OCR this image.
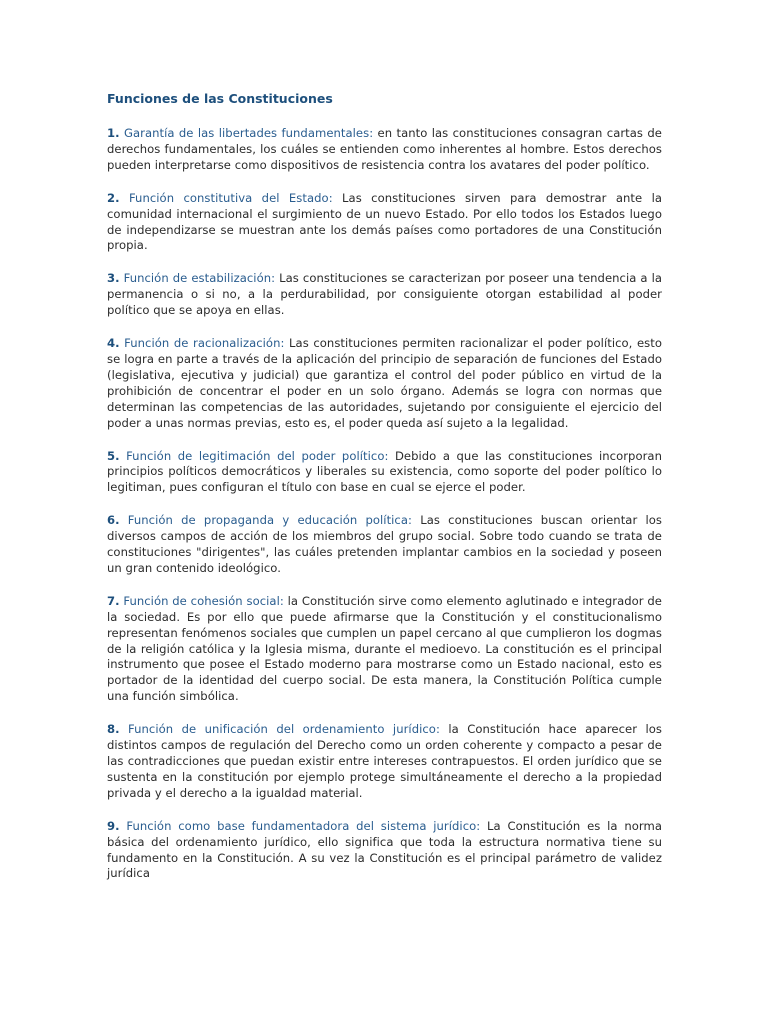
Funciones de las Constituciones

1. Garantía de las libertades fundamentales: en tanto las constituciones consagran cartas de derechos fundamentales, los cuáles se entienden como inherentes al hombre. Estos derechos pueden interpretarse como dispositivos de resistencia contra los avatares del poder político.

2. Función constitutiva del Estado: Las constituciones sirven para demostrar ante la comunidad internacional el surgimiento de un nuevo Estado. Por ello todos los Estados luego de independizarse se muestran ante los demás países como portadores de una Constitución propia.

3. Función de estabilización: Las constituciones se caracterizan por poseer una tendencia a la permanencia o si no, a la perdurabilidad, por consiguiente otorgan estabilidad al poder político que se apoya en ellas.

4. Función de racionalización: Las constituciones permiten racionalizar el poder político, esto se logra en parte a través de la aplicación del principio de separación de funciones del Estado (legislativa, ejecutiva y judicial) que garantiza el control del poder público en virtud de la prohibición de concentrar el poder en un solo órgano. Además se logra con normas que determinan las competencias de las autoridades, sujetando por consiguiente el ejercicio del poder a unas normas previas, esto es, el poder queda así sujeto a la legalidad.

5. Función de legitimación del poder político: Debido a que las constituciones incorporan principios políticos democráticos y liberales su existencia, como soporte del poder político lo legitiman, pues configuran el título con base en cual se ejerce el poder.

6. Función de propaganda y educación política: Las constituciones buscan orientar los diversos campos de acción de los miembros del grupo social. Sobre todo cuando se trata de constituciones "dirigentes", las cuáles pretenden implantar cambios en la sociedad y poseen un gran contenido ideológico.

7. Función de cohesión social: la Constitución sirve como elemento aglutinado e integrador de la sociedad. Es por ello que puede afirmarse que la Constitución y el constitucionalismo representan fenómenos sociales que cumplen un papel cercano al que cumplieron los dogmas de la religión católica y la Iglesia misma, durante el medioevo. La constitución es el principal instrumento que posee el Estado moderno para mostrarse como un Estado nacional, esto es portador de la identidad del cuerpo social. De esta manera, la Constitución Política cumple una función simbólica.

8. Función de unificación del ordenamiento jurídico: la Constitución hace aparecer los distintos campos de regulación del Derecho como un orden coherente y compacto a pesar de las contradicciones que puedan existir entre intereses contrapuestos. El orden jurídico que se sustenta en la constitución por ejemplo protege simultáneamente el derecho a la propiedad privada y el derecho a la igualdad material.

9. Función como base fundamentadora del sistema jurídico: La Constitución es la norma básica del ordenamiento jurídico, ello significa que toda la estructura normativa tiene su fundamento en la Constitución. A su vez la Constitución es el principal parámetro de validez jurídica
